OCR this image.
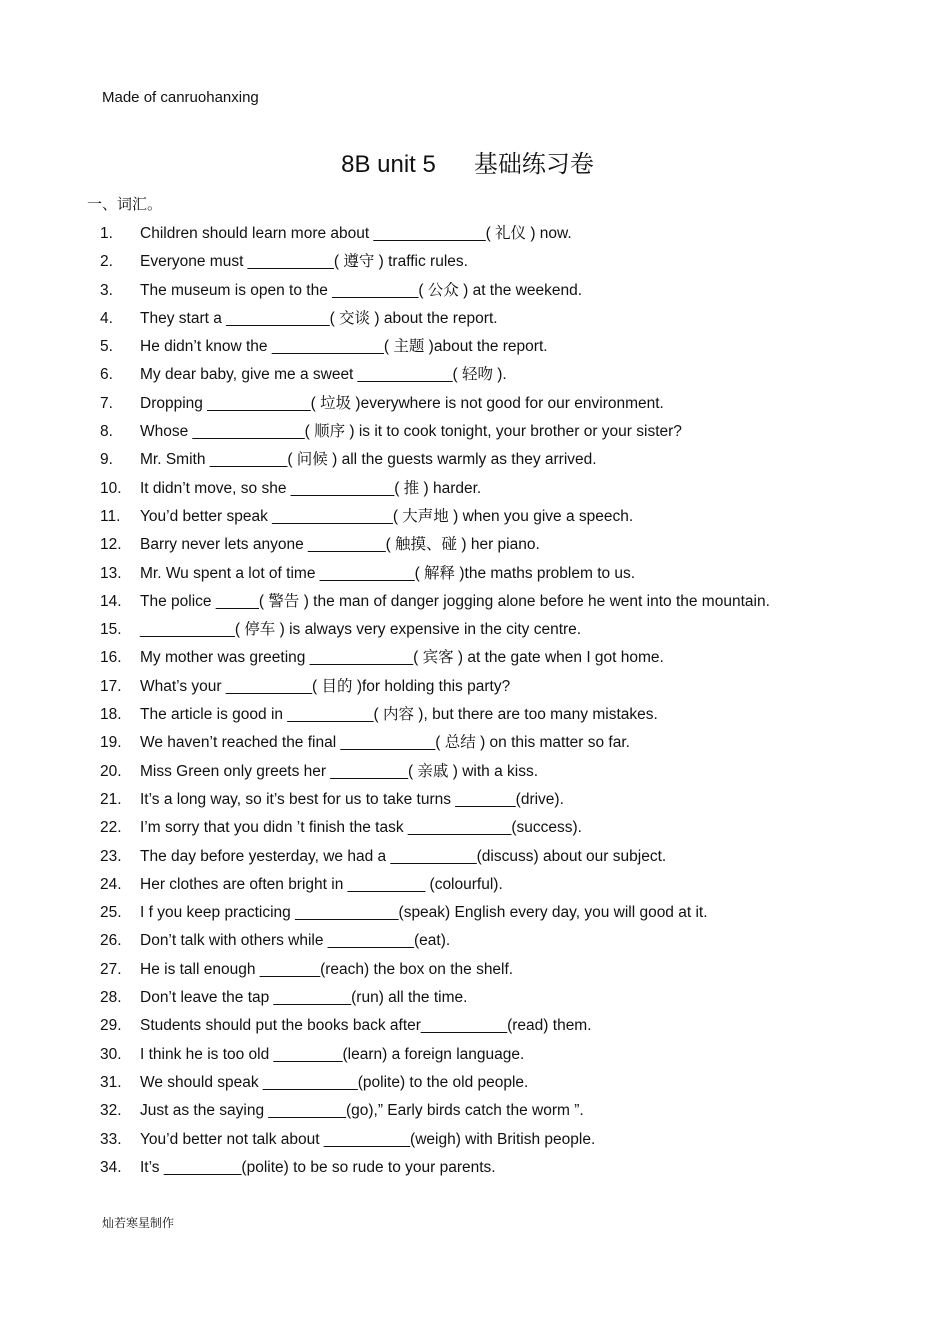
Made of canruohanxing
8B unit 5 基础练习卷
一、词汇。
1. Children should learn more about _____________( 礼仪 ) now.
2. Everyone must __________( 遵守 ) traffic rules.
3. The museum is open to the __________( 公众 ) at the weekend.
4. They start a ____________( 交谈 ) about the report.
5. He didn’t know the _____________( 主题 )about the report.
6. My dear baby, give me a sweet ___________( 轻吻 ).
7. Dropping ____________( 垃圾 )everywhere is not good for our environment.
8. Whose _____________( 顺序 ) is it to cook tonight, your brother or your sister?
9. Mr. Smith _________( 问候 ) all the guests warmly as they arrived.
10. It didn’t move, so she ____________( 推 ) harder.
11. You’d better speak ______________( 大声地 ) when you give a speech.
12. Barry never lets anyone _________( 触摸、碰 ) her piano.
13. Mr. Wu spent a lot of time ___________( 解释 )the maths problem to us.
14. The police _____( 警告 ) the man of danger jogging alone before he went into the mountain.
15. ___________( 停车 ) is always very expensive in the city centre.
16. My mother was greeting ____________( 宾客 ) at the gate when I got home.
17. What’s your __________( 目的 )for holding this party?
18. The article is good in __________( 内容 ), but there are too many mistakes.
19. We haven’t reached the final ___________( 总结 ) on this matter so far.
20. Miss Green only greets her _________( 亲戚 ) with a kiss.
21. It’s a long way, so it’s best for us to take turns _______(drive).
22. I’m sorry that you didn ’t finish the task ____________(success).
23. The day before yesterday, we had a __________(discuss) about our subject.
24. Her clothes are often bright in _________ (colourful).
25. I f you keep practicing ____________(speak) English every day, you will good at it.
26. Don’t talk with others while __________(eat).
27. He is tall enough _______(reach) the box on the shelf.
28. Don’t leave the tap _________(run) all the time.
29. Students should put the books back after__________(read) them.
30. I think he is too old ________(learn) a foreign language.
31. We should speak ___________(polite) to the old people.
32. Just as the saying _________(go),” Early birds catch the worm ”.
33. You’d better not talk about __________(weigh) with British people.
34. It’s _________(polite) to be so rude to your parents.
灿若寒星制作
